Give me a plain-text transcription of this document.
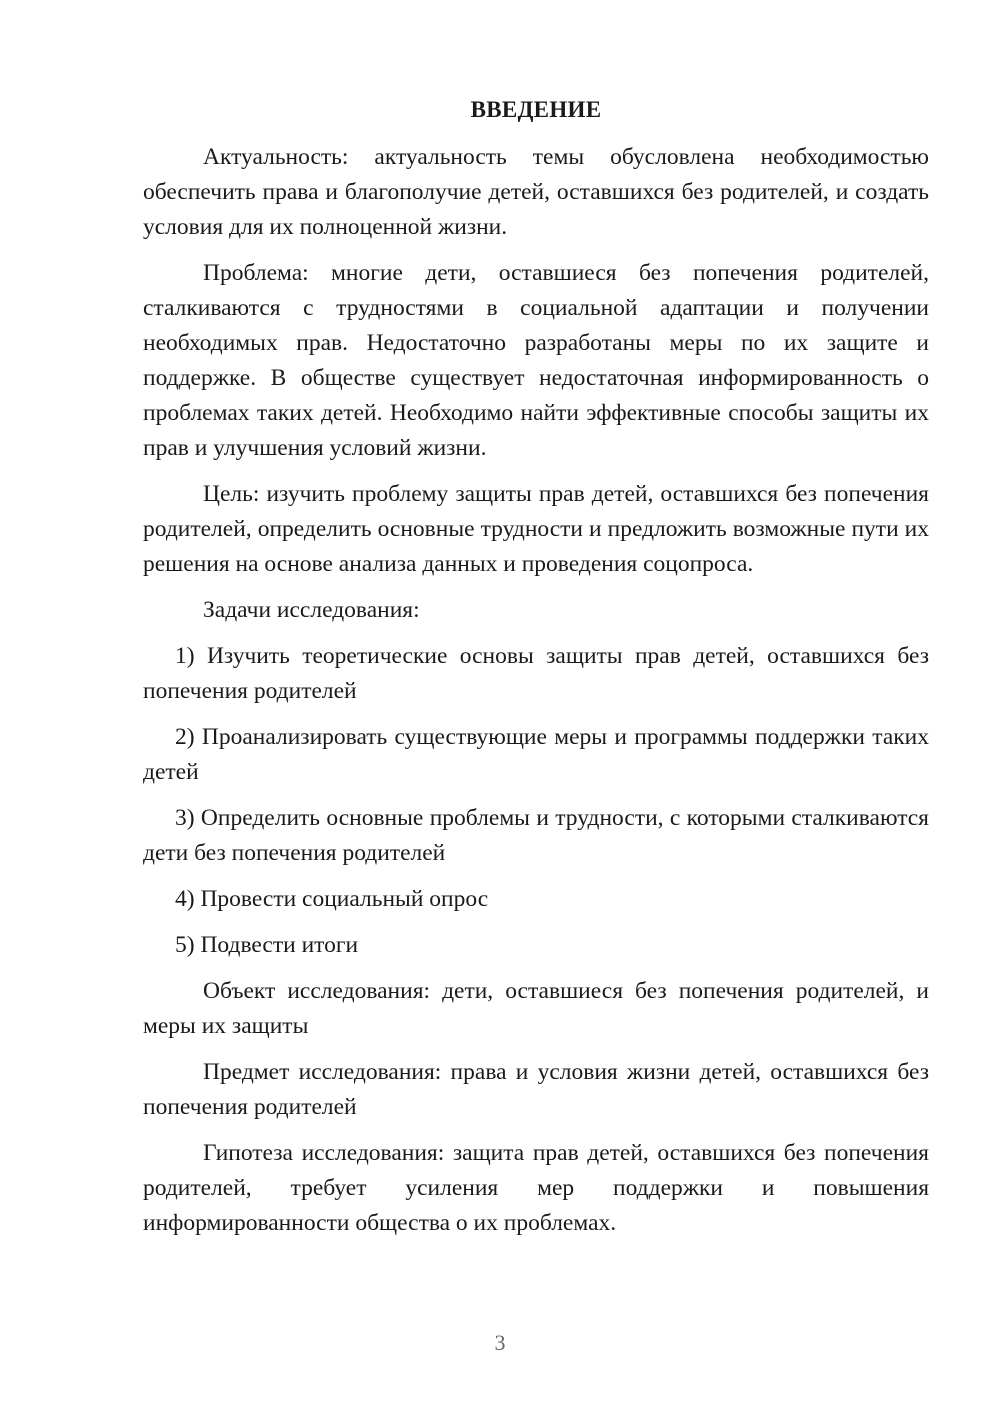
ВВЕДЕНИЕ

Актуальность: актуальность темы обусловлена необходимостью обеспечить права и благополучие детей, оставшихся без родителей, и создать условия для их полноценной жизни.

Проблема: многие дети, оставшиеся без попечения родителей, сталкиваются с трудностями в социальной адаптации и получении необходимых прав. Недостаточно разработаны меры по их защите и поддержке. В обществе существует недостаточная информированность о проблемах таких детей. Необходимо найти эффективные способы защиты их прав и улучшения условий жизни.

Цель: изучить проблему защиты прав детей, оставшихся без попечения родителей, определить основные трудности и предложить возможные пути их решения на основе анализа данных и проведения соцопроса.

Задачи исследования:

1) Изучить теоретические основы защиты прав детей, оставшихся без попечения родителей

2) Проанализировать существующие меры и программы поддержки таких детей

3) Определить основные проблемы и трудности, с которыми сталкиваются дети без попечения родителей

4) Провести социальный опрос

5) Подвести итоги

Объект исследования: дети, оставшиеся без попечения родителей, и меры их защиты

Предмет исследования: права и условия жизни детей, оставшихся без попечения родителей

Гипотеза исследования: защита прав детей, оставшихся без попечения родителей, требует усиления мер поддержки и повышения информированности общества о их проблемах.

3
